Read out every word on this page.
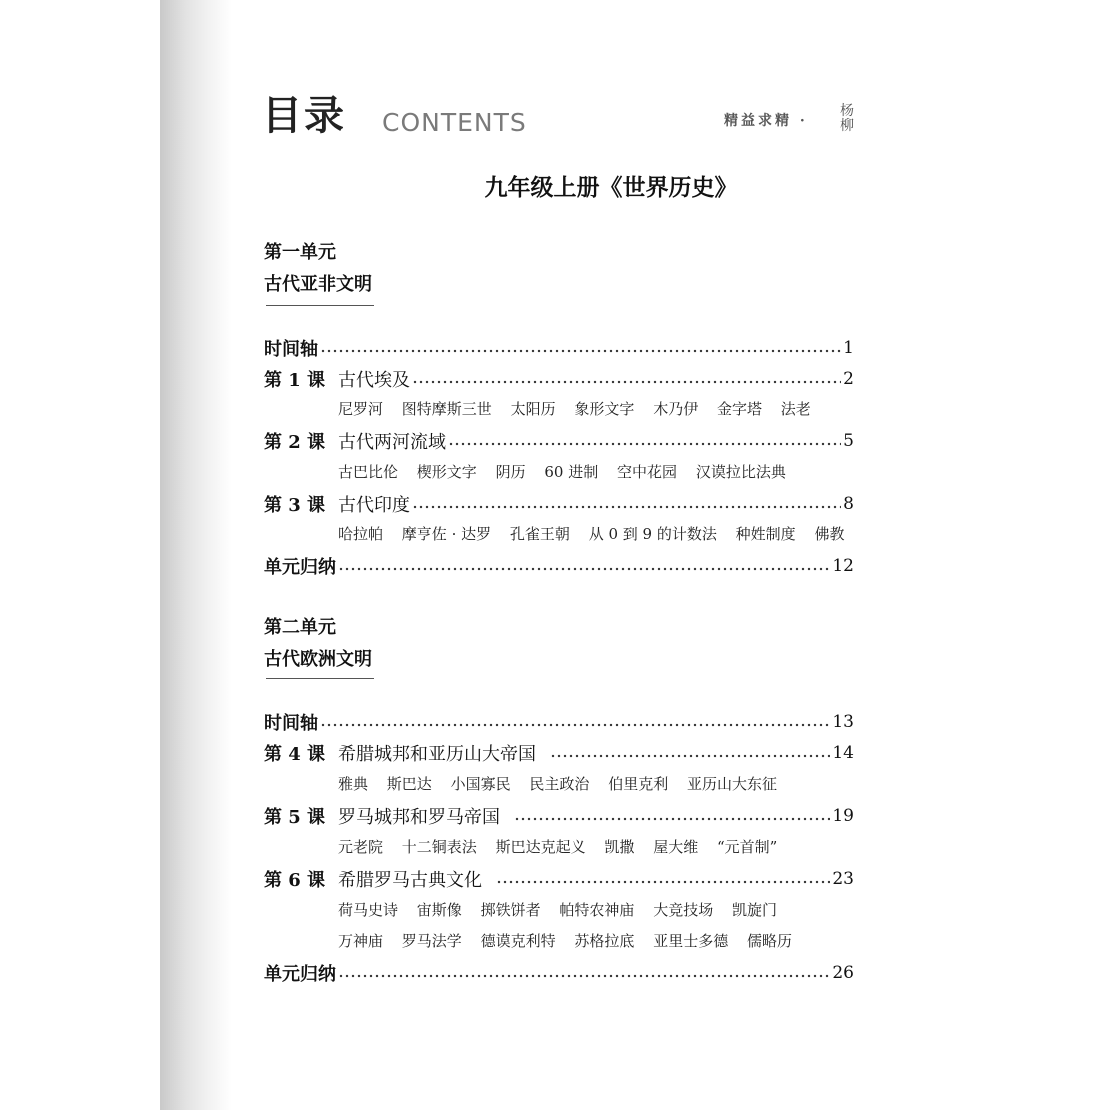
目录 CONTENTS	精益求精 ·
杨柳
九年级上册《世界历史》
第一单元
古代亚非文明
时间轴	1
第 1 课 古代埃及	2
尼罗河 图特摩斯三世 太阳历 象形文字 木乃伊 金字塔 法老
第 2 课 古代两河流域	5
古巴比伦 楔形文字 阴历 60 进制 空中花园 汉谟拉比法典
第 3 课 古代印度	8
哈拉帕 摩亨佐 · 达罗 孔雀王朝 从 0 到 9 的计数法 种姓制度 佛教
单元归纳	12
第二单元
古代欧洲文明
时间轴	13
第 4 课 希腊城邦和亚历山大帝国	14
雅典 斯巴达 小国寡民 民主政治 伯里克利 亚历山大东征
第 5 课 罗马城邦和罗马帝国	19
元老院 十二铜表法 斯巴达克起义 凯撒 屋大维 “元首制”
第 6 课 希腊罗马古典文化	23
荷马史诗 宙斯像 掷铁饼者 帕特农神庙 大竞技场 凯旋门
万神庙 罗马法学 德谟克利特 苏格拉底 亚里士多德 儒略历
单元归纳	26
